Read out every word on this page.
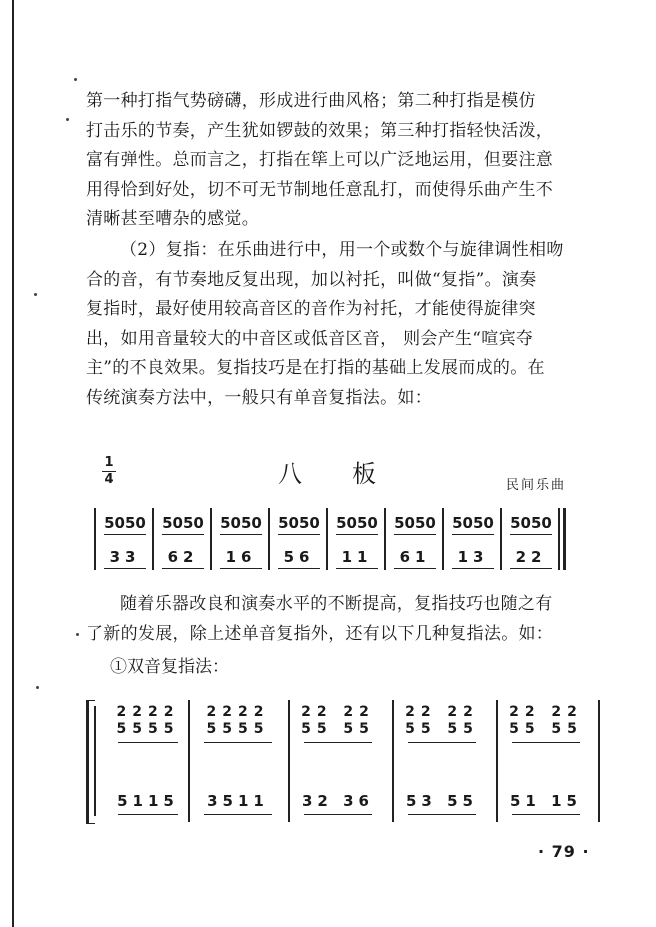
第一种打指气势磅礴，形成进行曲风格；第二种打指是模仿
打击乐的节奏，产生犹如锣鼓的效果；第三种打指轻快活泼，
富有弹性。总而言之，打指在筚上可以广泛地运用，但要注意
用得恰到好处，切不可无节制地任意乱打，而使得乐曲产生不
清晰甚至嘈杂的感觉。
（2）复指：在乐曲进行中，用一个或数个与旋律调性相吻
合的音，有节奏地反复出现，加以衬托，叫做“复指”。演奏
复指时，最好使用较高音区的音作为衬托，才能使得旋律突
出，如用音量较大的中音区或低音区音， 则会产生“喧宾夺
主”的不良效果。复指技巧是在打指的基础上发展而成的。在
传统演奏方法中，一般只有单音复指法。如：
1
4	八板	民间乐曲
5050
33
5050
62
5050
16
5050
56
5050
11
5050
61
5050
13
5050
22
随着乐器改良和演奏水平的不断提高，复指技巧也随之有
了新的发展，除上述单音复指外，还有以下几种复指法。如：
①双音复指法：
2222
5555
5115
2222
5555
3511
22 22
55 55
32 36
22 22
55 55
53 55
22 22
55 55
51 15
· 79 ·
